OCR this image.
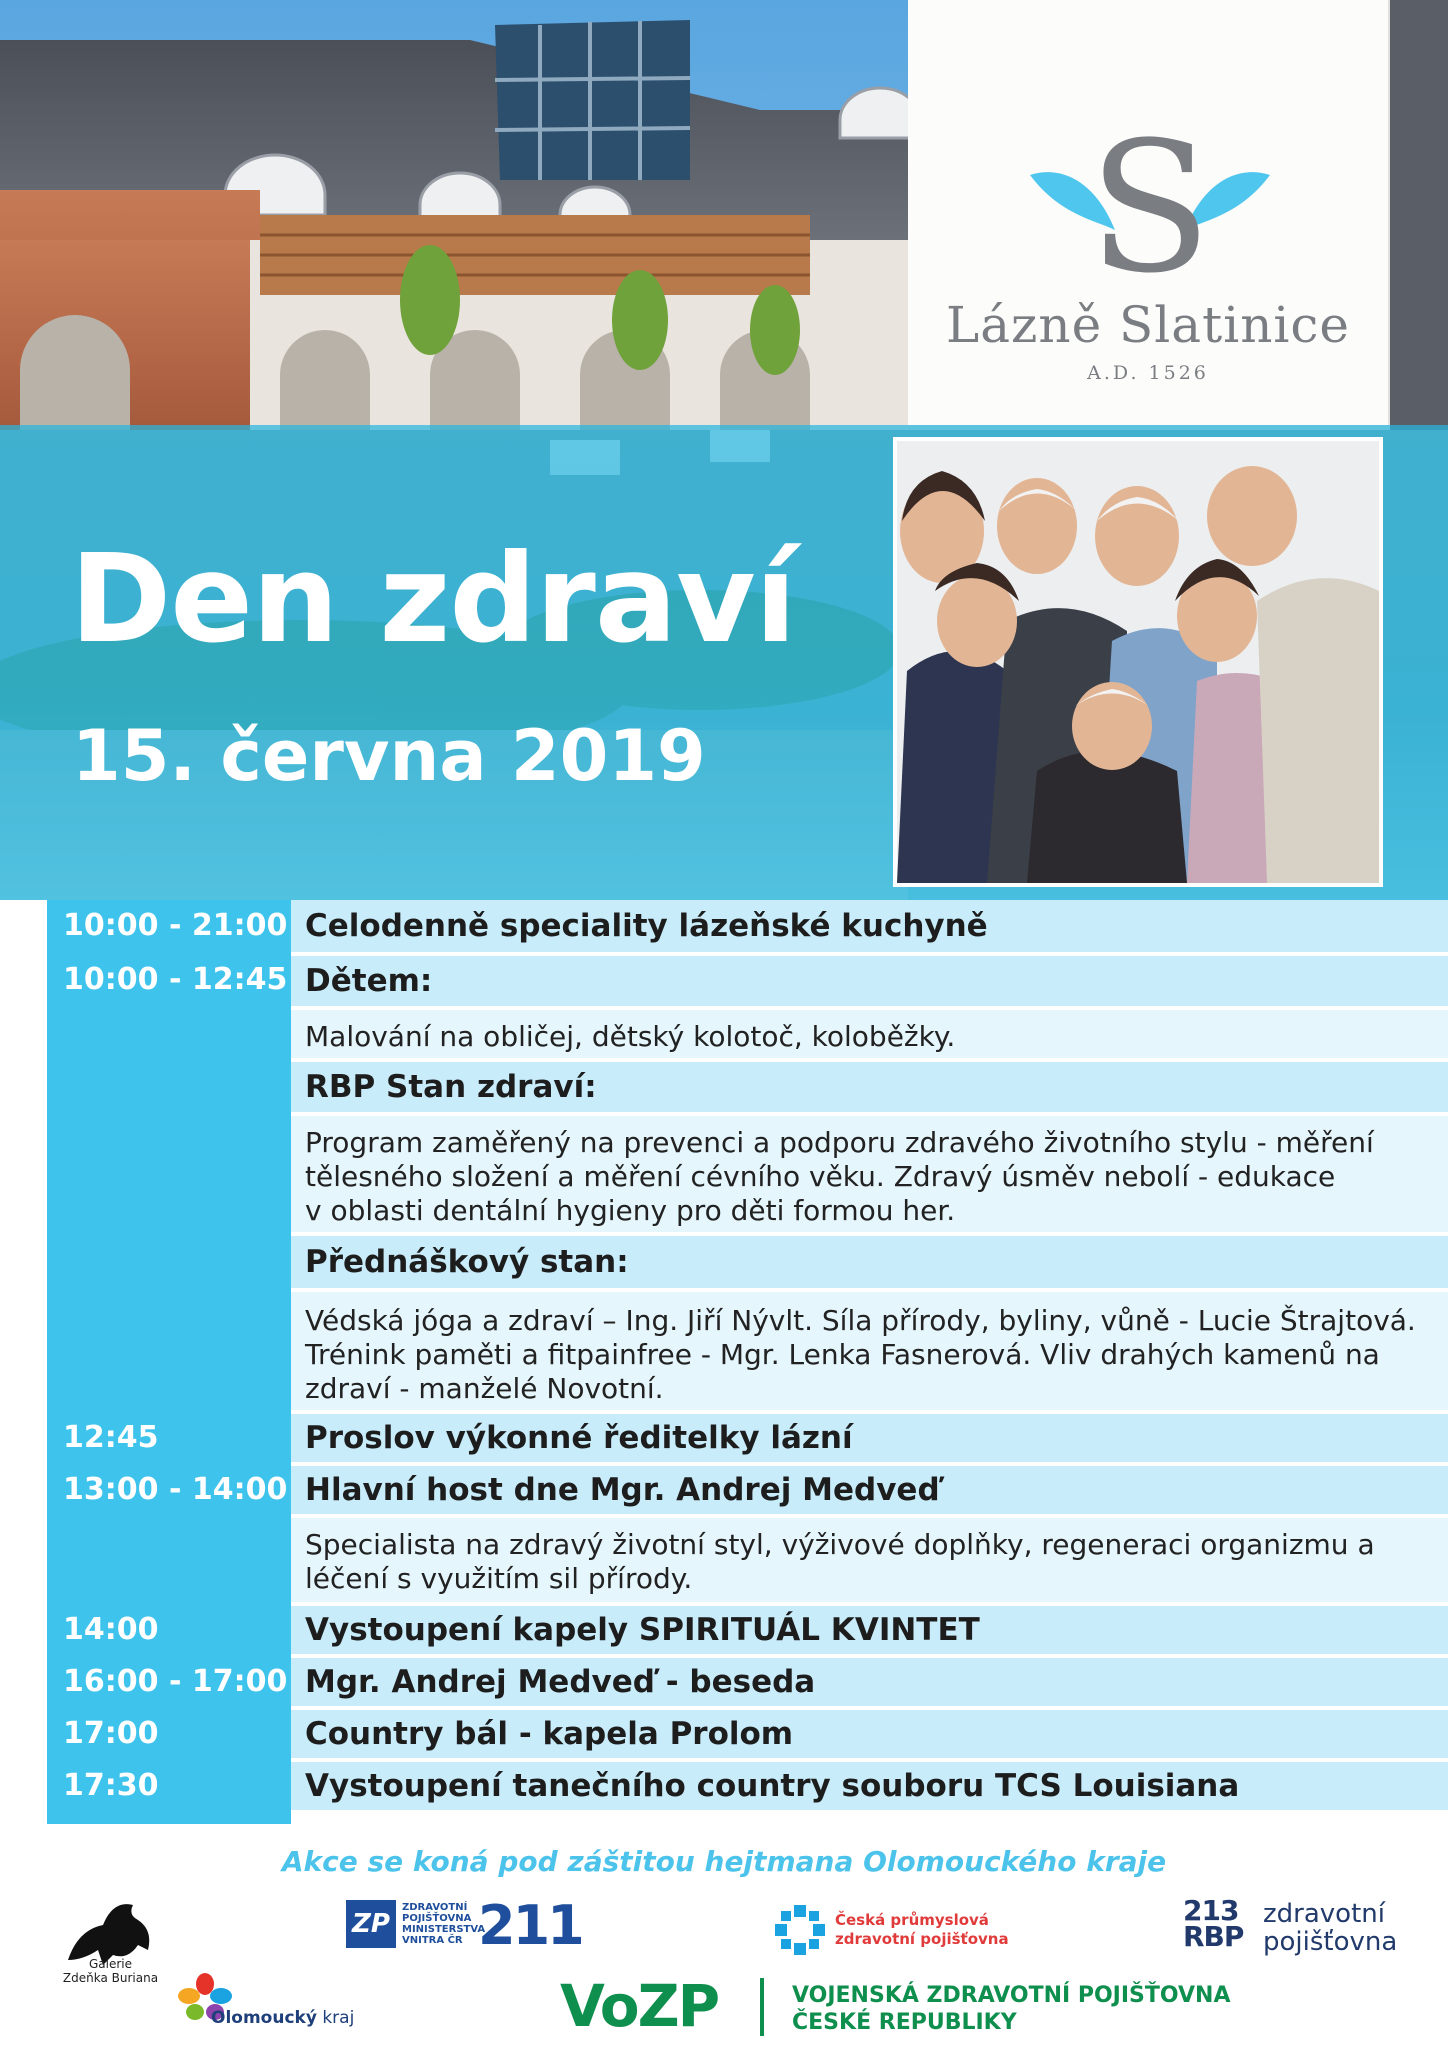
S
Lázně Slatinice
A.D. 1526
Den zdraví
15. června 2019
10:00 - 21:00 Celodenně speciality lázeňské kuchyně
10:00 - 12:45 Dětem:
Malování na obličej, dětský kolotoč, koloběžky.
RBP Stan zdraví:
Program zaměřený na prevenci a podporu zdravého životního stylu - měření
tělesného složení a měření cévního věku. Zdravý úsměv nebolí - edukace
v oblasti dentální hygieny pro děti formou her.
Přednáškový stan:
Védská jóga a zdraví – Ing. Jiří Nývlt. Síla přírody, byliny, vůně - Lucie Štrajtová.
Trénink paměti a fitpainfree - Mgr. Lenka Fasnerová. Vliv drahých kamenů na
zdraví - manželé Novotní.
12:45	Proslov výkonné ředitelky lázní
13:00 - 14:00 Hlavní host dne Mgr. Andrej Medveď
Specialista na zdravý životní styl, výživové doplňky, regeneraci organizmu a
léčení s využitím sil přírody.
14:00	Vystoupení kapely SPIRITUÁL KVINTET
16:00 - 17:00 Mgr. Andrej Medveď - beseda
17:00	Country bál - kapela Prolom
17:30	Vystoupení tanečního country souboru TCS Louisiana
Akce se koná pod záštitou hejtmana Olomouckého kraje
Galerie
Zdeňka Buriana
ZP
ZDRAVOTNÍ
POJIŠŤOVNA
MINISTERSTVA
VNITRA ČR 211	Česká průmyslová
zdravotní pojišťovna
213
RBP
zdravotní
pojišťovna
Olomoucký kraj	VoZP	VOJENSKÁ ZDRAVOTNÍ POJIŠŤOVNA
ČESKÉ REPUBLIKY
